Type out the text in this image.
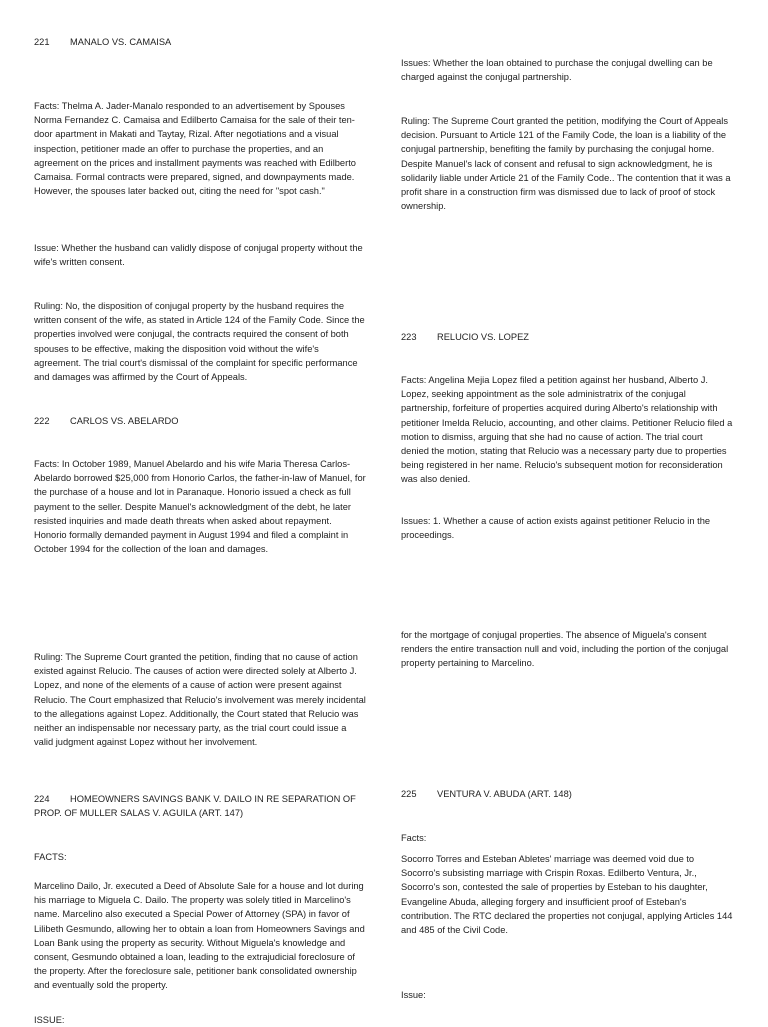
221 MANALO VS. CAMAISA

Facts: Thelma A. Jader-Manalo responded to an advertisement by Spouses Norma Fernandez C. Camaisa and Edilberto Camaisa for the sale of their ten-door apartment in Makati and Taytay, Rizal. After negotiations and a visual inspection, petitioner made an offer to purchase the properties, and an agreement on the prices and installment payments was reached with Edilberto Camaisa. Formal contracts were prepared, signed, and downpayments made. However, the spouses later backed out, citing the need for "spot cash."

Issue: Whether the husband can validly dispose of conjugal property without the wife's written consent.

Ruling: No, the disposition of conjugal property by the husband requires the written consent of the wife, as stated in Article 124 of the Family Code. Since the properties involved were conjugal, the contracts required the consent of both spouses to be effective, making the disposition void without the wife's agreement. The trial court's dismissal of the complaint for specific performance and damages was affirmed by the Court of Appeals.

222 CARLOS VS. ABELARDO

Facts: In October 1989, Manuel Abelardo and his wife Maria Theresa Carlos-Abelardo borrowed $25,000 from Honorio Carlos, the father-in-law of Manuel, for the purchase of a house and lot in Paranaque. Honorio issued a check as full payment to the seller. Despite Manuel's acknowledgment of the debt, he later resisted inquiries and made death threats when asked about repayment. Honorio formally demanded payment in August 1994 and filed a complaint in October 1994 for the collection of the loan and damages.

Ruling: The Supreme Court granted the petition, finding that no cause of action existed against Relucio. The causes of action were directed solely at Alberto J. Lopez, and none of the elements of a cause of action were present against Relucio. The Court emphasized that Relucio's involvement was merely incidental to the allegations against Lopez. Additionally, the Court stated that Relucio was neither an indispensable nor necessary party, as the trial court could issue a valid judgment against Lopez without her involvement.

224 HOMEOWNERS SAVINGS BANK V. DAILO IN RE SEPARATION OF PROP. OF MULLER SALAS V. AGUILA (ART. 147)

FACTS:

Marcelino Dailo, Jr. executed a Deed of Absolute Sale for a house and lot during his marriage to Miguela C. Dailo. The property was solely titled in Marcelino's name. Marcelino also executed a Special Power of Attorney (SPA) in favor of Lilibeth Gesmundo, allowing her to obtain a loan from Homeowners Savings and Loan Bank using the property as security. Without Miguela's knowledge and consent, Gesmundo obtained a loan, leading to the extrajudicial foreclosure of the property. After the foreclosure sale, petitioner bank consolidated ownership and eventually sold the property.

ISSUE:

Issues: Whether the loan obtained to purchase the conjugal dwelling can be charged against the conjugal partnership.

Ruling: The Supreme Court granted the petition, modifying the Court of Appeals decision. Pursuant to Article 121 of the Family Code, the loan is a liability of the conjugal partnership, benefiting the family by purchasing the conjugal home. Despite Manuel's lack of consent and refusal to sign acknowledgment, he is solidarily liable under Article 21 of the Family Code.. The contention that it was a profit share in a construction firm was dismissed due to lack of proof of stock ownership.

223 RELUCIO VS. LOPEZ

Facts: Angelina Mejia Lopez filed a petition against her husband, Alberto J. Lopez, seeking appointment as the sole administratrix of the conjugal partnership, forfeiture of properties acquired during Alberto's relationship with petitioner Imelda Relucio, accounting, and other claims. Petitioner Relucio filed a motion to dismiss, arguing that she had no cause of action. The trial court denied the motion, stating that Relucio was a necessary party due to properties being registered in her name. Relucio's subsequent motion for reconsideration was also denied.

Issues: 1. Whether a cause of action exists against petitioner Relucio in the proceedings.

for the mortgage of conjugal properties. The absence of Miguela's consent renders the entire transaction null and void, including the portion of the conjugal property pertaining to Marcelino.

225 VENTURA V. ABUDA (ART. 148)

Facts:

Socorro Torres and Esteban Abletes' marriage was deemed void due to Socorro's subsisting marriage with Crispin Roxas. Edilberto Ventura, Jr., Socorro's son, contested the sale of properties by Esteban to his daughter, Evangeline Abuda, alleging forgery and insufficient proof of Esteban's contribution. The RTC declared the properties not conjugal, applying Articles 144 and 485 of the Civil Code.

Issue:
